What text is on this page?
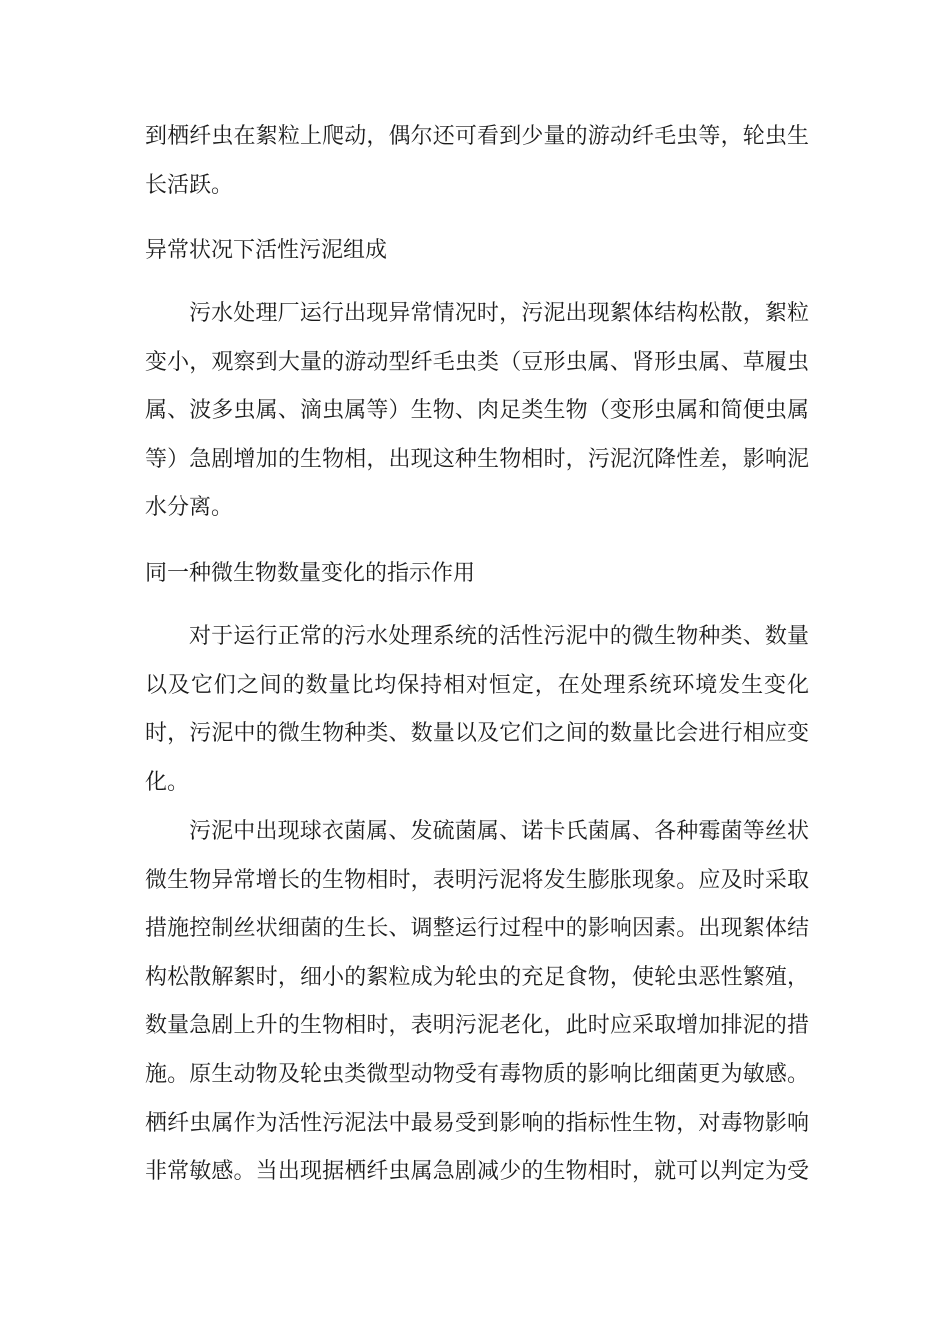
到栖纤虫在絮粒上爬动，偶尔还可看到少量的游动纤毛虫等，轮虫生
长活跃。
异常状况下活性污泥组成
污水处理厂运行出现异常情况时，污泥出现絮体结构松散，絮粒
变小，观察到大量的游动型纤毛虫类（豆形虫属、肾形虫属、草履虫
属、波多虫属、滴虫属等）生物、肉足类生物（变形虫属和简便虫属
等）急剧增加的生物相，出现这种生物相时，污泥沉降性差，影响泥
水分离。
同一种微生物数量变化的指示作用
对于运行正常的污水处理系统的活性污泥中的微生物种类、数量
以及它们之间的数量比均保持相对恒定，在处理系统环境发生变化
时，污泥中的微生物种类、数量以及它们之间的数量比会进行相应变
化。
污泥中出现球衣菌属、发硫菌属、诺卡氏菌属、各种霉菌等丝状
微生物异常增长的生物相时，表明污泥将发生膨胀现象。应及时采取
措施控制丝状细菌的生长、调整运行过程中的影响因素。出现絮体结
构松散解絮时，细小的絮粒成为轮虫的充足食物，使轮虫恶性繁殖，
数量急剧上升的生物相时，表明污泥老化，此时应采取增加排泥的措
施。原生动物及轮虫类微型动物受有毒物质的影响比细菌更为敏感。
栖纤虫属作为活性污泥法中最易受到影响的指标性生物，对毒物影响
非常敏感。当出现据栖纤虫属急剧减少的生物相时，就可以判定为受
